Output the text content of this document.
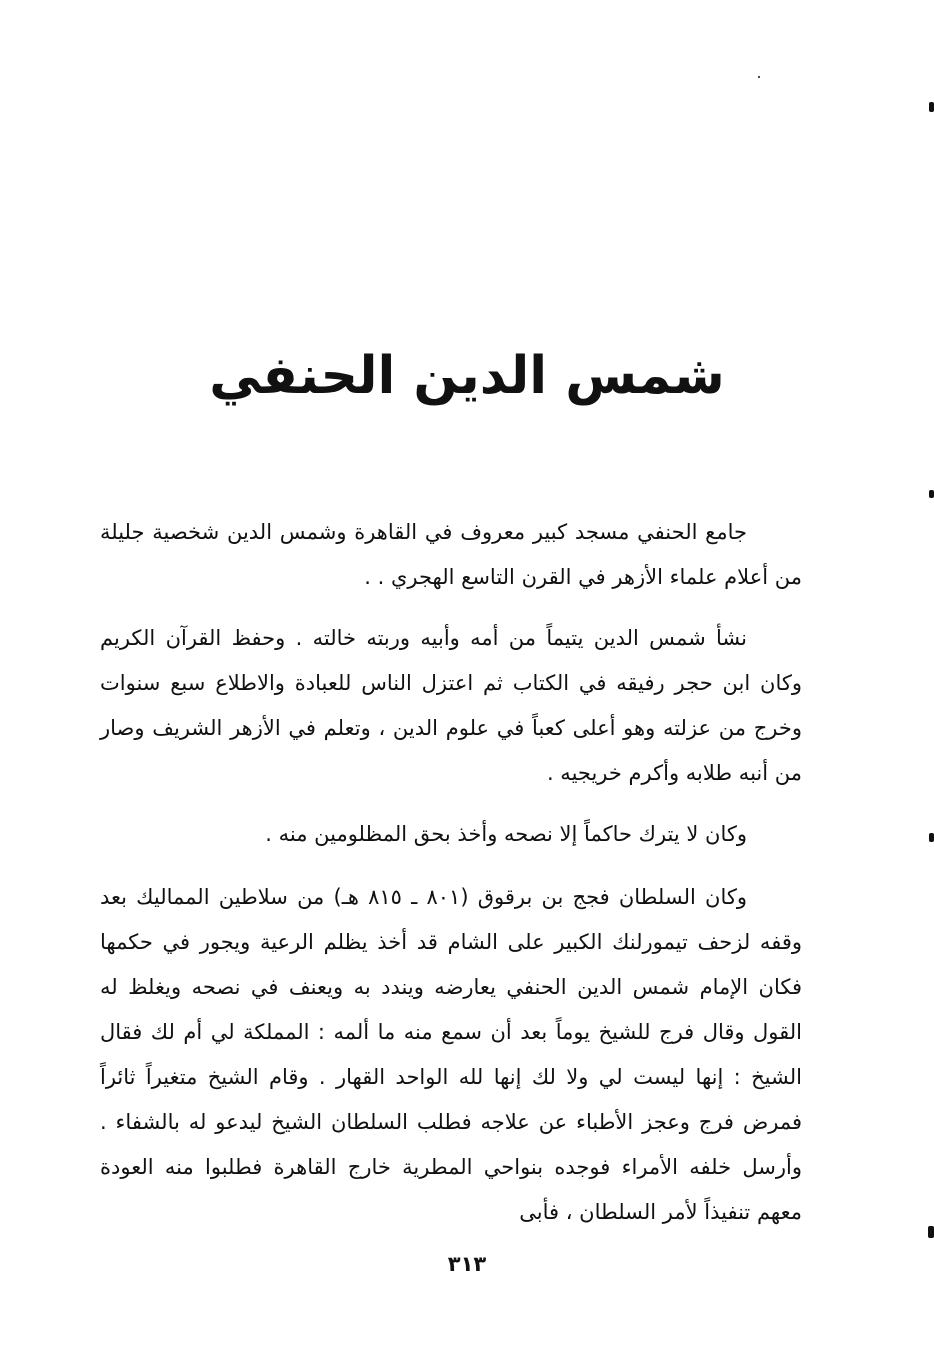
شمس الدين الحنفي

جامع الحنفي مسجد كبير معروف في القاهرة وشمس الدين شخصية جليلة من أعلام علماء الأزهر في القرن التاسع الهجري . .

نشأ شمس الدين يتيماً من أمه وأبيه وربته خالته . وحفظ القرآن الكريم وكان ابن حجر رفيقه في الكتاب ثم اعتزل الناس للعبادة والاطلاع سبع سنوات وخرج من عزلته وهو أعلى كعباً في علوم الدين ، وتعلم في الأزهر الشريف وصار من أنبه طلابه وأكرم خريجيه .

وكان لا يترك حاكماً إلا نصحه وأخذ بحق المظلومين منه .

وكان السلطان فجج بن برقوق (٨٠١ ـ ٨١٥ هـ) من سلاطين المماليك بعد وقفه لزحف تيمورلنك الكبير على الشام قد أخذ يظلم الرعية ويجور في حكمها فكان الإمام شمس الدين الحنفي يعارضه ويندد به ويعنف في نصحه ويغلظ له القول وقال فرج للشيخ يوماً بعد أن سمع منه ما ألمه : المملكة لي أم لك فقال الشيخ : إنها ليست لي ولا لك إنها لله الواحد القهار . وقام الشيخ متغيراً ثائراً فمرض فرج وعجز الأطباء عن علاجه فطلب السلطان الشيخ ليدعو له بالشفاء . وأرسل خلفه الأمراء فوجده بنواحي المطرية خارج القاهرة فطلبوا منه العودة معهم تنفيذاً لأمر السلطان ، فأبى

٣١٣
